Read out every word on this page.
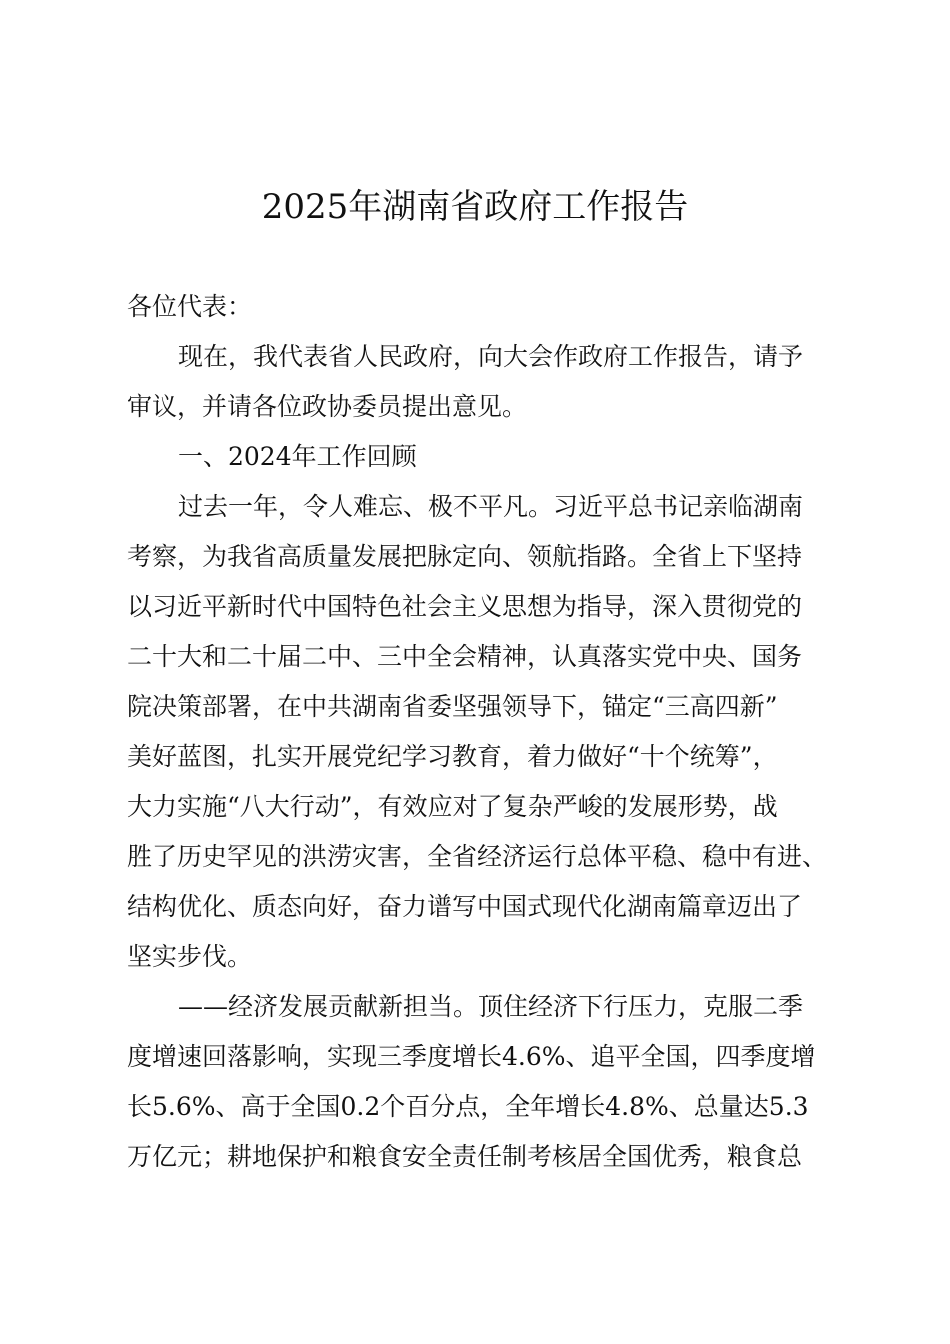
2025年湖南省政府工作报告
各位代表：
现在，我代表省人民政府，向大会作政府工作报告，请予
审议，并请各位政协委员提出意见。
一、2024年工作回顾
过去一年，令人难忘、极不平凡。习近平总书记亲临湖南
考察，为我省高质量发展把脉定向、领航指路。全省上下坚持
以习近平新时代中国特色社会主义思想为指导，深入贯彻党的
二十大和二十届二中、三中全会精神，认真落实党中央、国务
院决策部署，在中共湖南省委坚强领导下，锚定“三高四新”
美好蓝图，扎实开展党纪学习教育，着力做好“十个统筹”，
大力实施“八大行动”，有效应对了复杂严峻的发展形势，战
胜了历史罕见的洪涝灾害，全省经济运行总体平稳、稳中有进、
结构优化、质态向好，奋力谱写中国式现代化湖南篇章迈出了
坚实步伐。
——经济发展贡献新担当。顶住经济下行压力，克服二季
度增速回落影响，实现三季度增长4.6%、追平全国，四季度增
长5.6%、高于全国0.2个百分点，全年增长4.8%、总量达5.3
万亿元；耕地保护和粮食安全责任制考核居全国优秀，粮食总
